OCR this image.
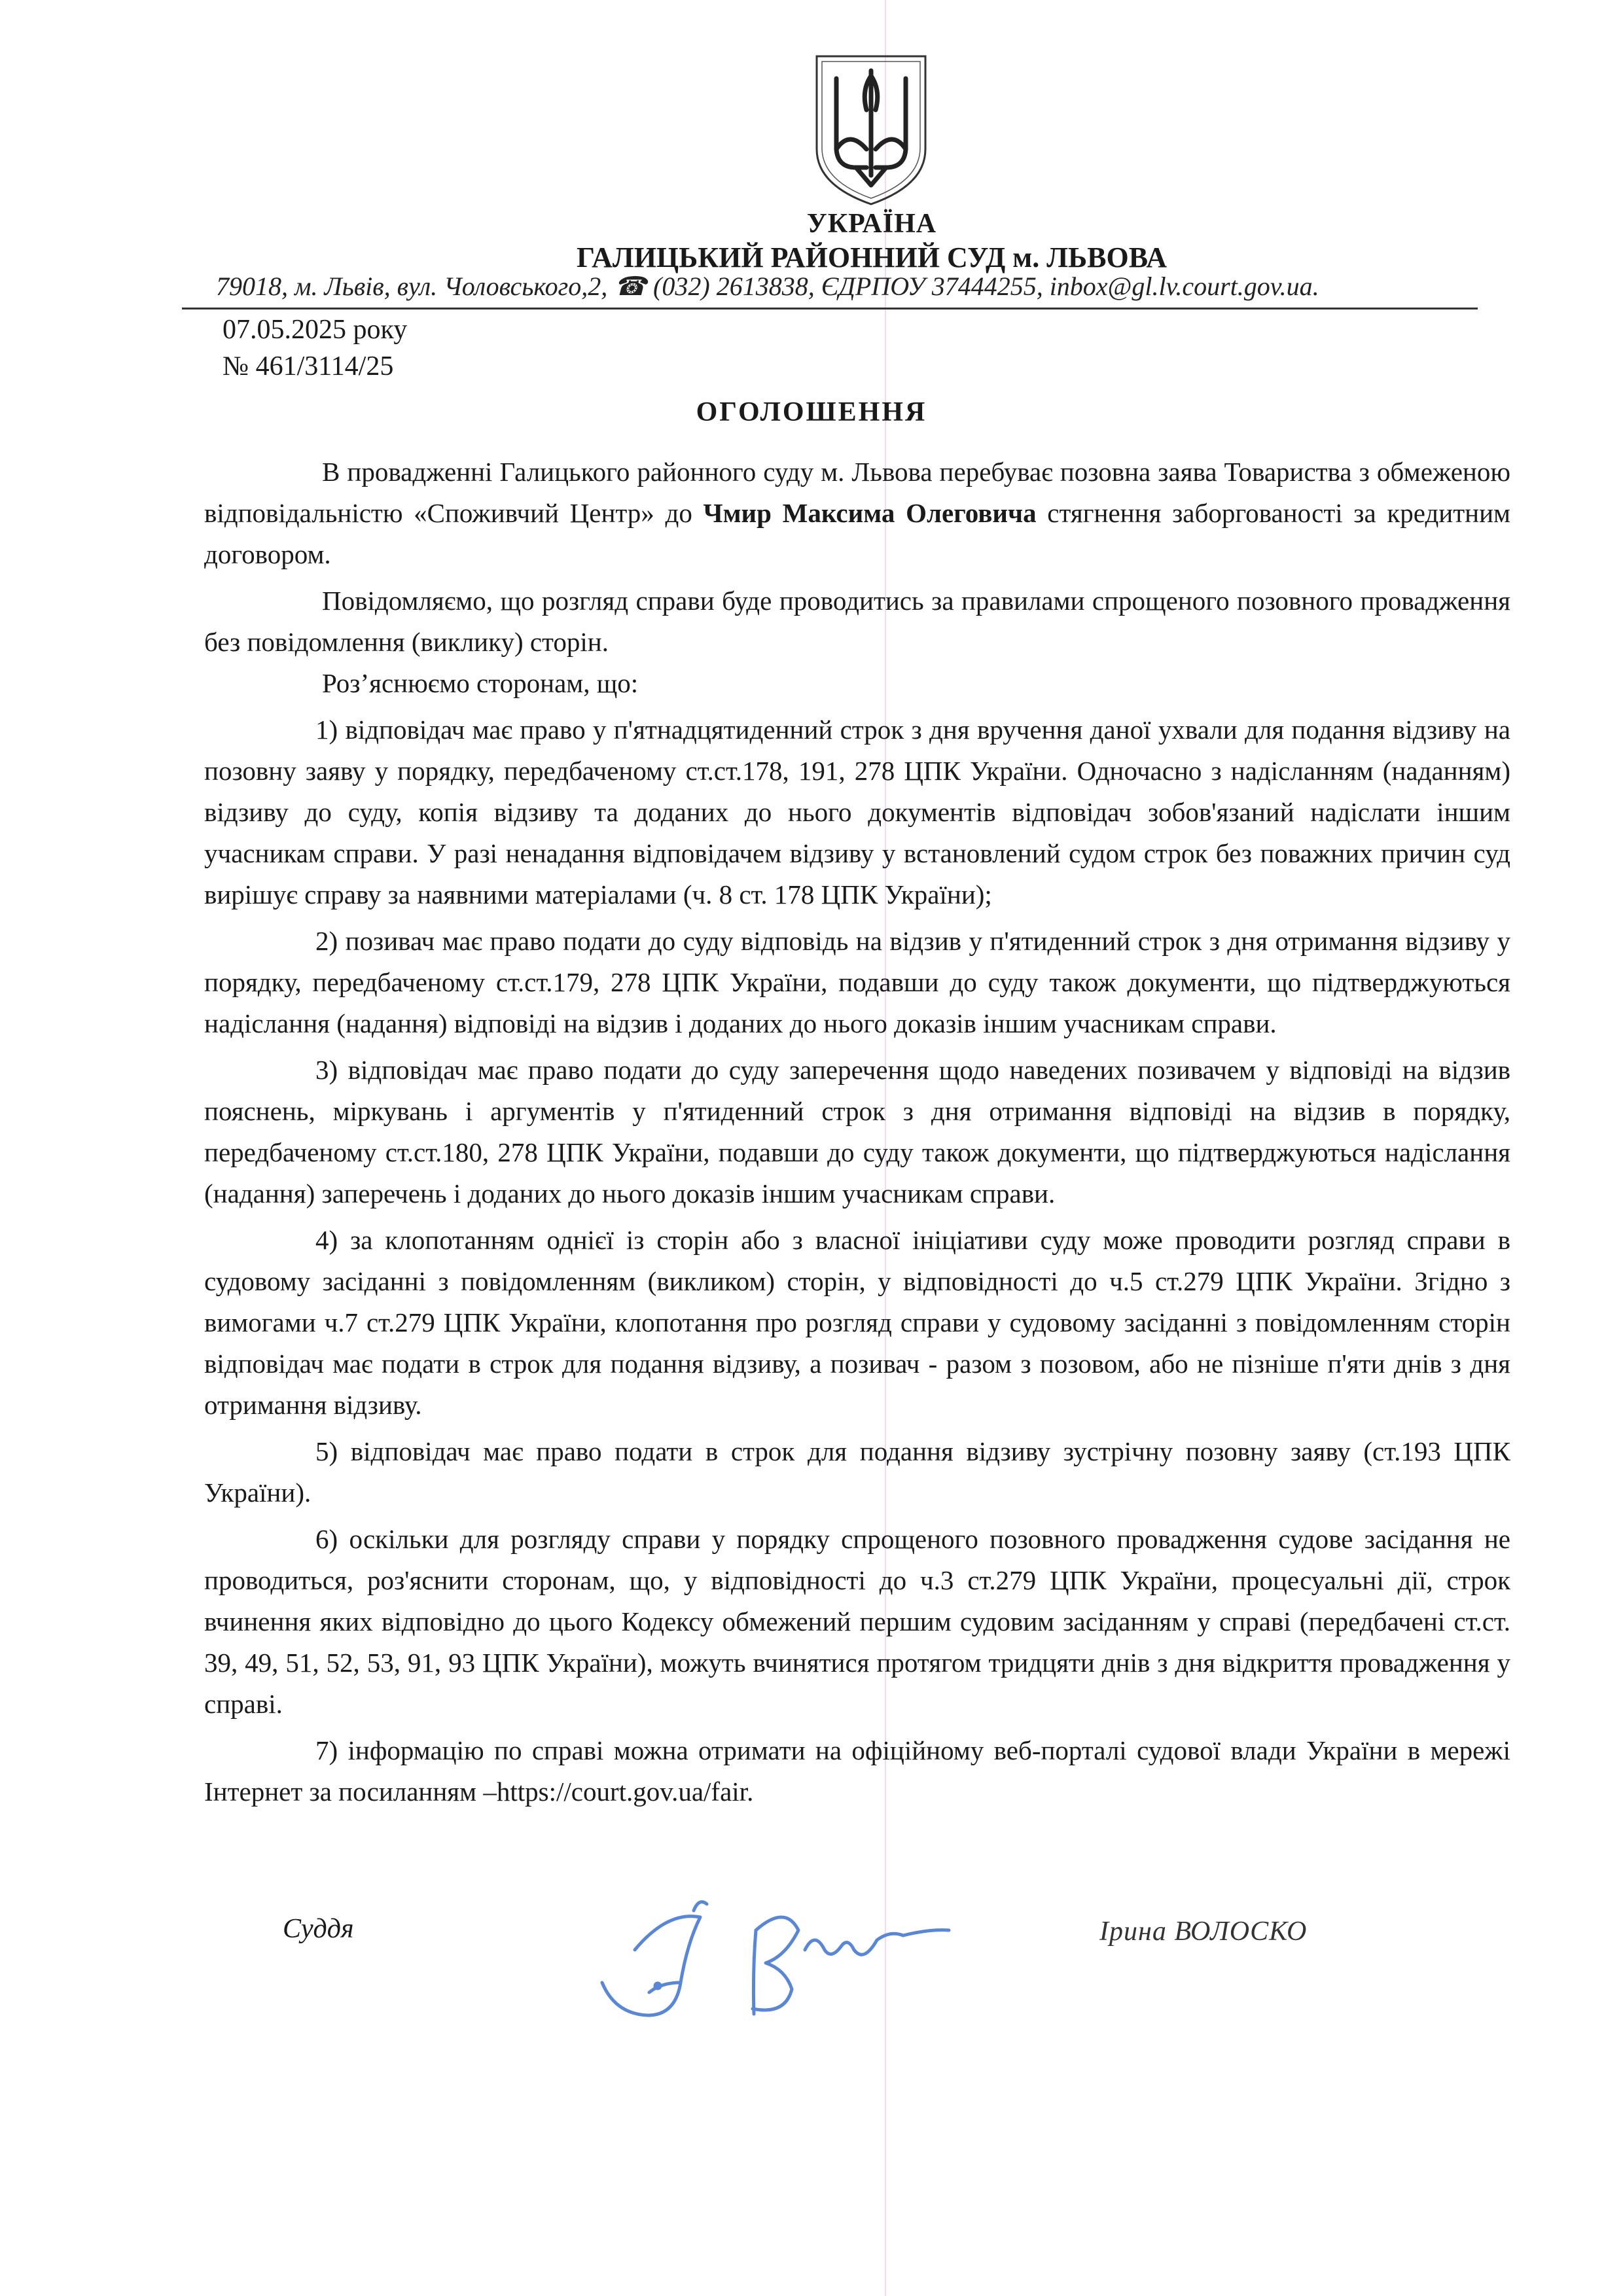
УКРАЇНА
ГАЛИЦЬКИЙ РАЙОННИЙ СУД м. ЛЬВОВА
79018, м. Львів, вул. Чоловського,2, ☎ (032) 2613838, ЄДРПОУ 37444255, inbox@gl.lv.court.gov.ua.
07.05.2025 року
№ 461/3114/25
ОГОЛОШЕННЯ

В провадженні Галицького районного суду м. Львова перебуває позовна заява Товариства з обмеженою відповідальністю «Споживчий Центр» до Чмир Максима Олеговича стягнення заборгованості за кредитним договором.

Повідомляємо, що розгляд справи буде проводитись за правилами спрощеного позовного провадження без повідомлення (виклику) сторін.

Роз’яснюємо сторонам, що:

1) відповідач має право у п'ятнадцятиденний строк з дня вручення даної ухвали для подання відзиву на позовну заяву у порядку, передбаченому ст.ст.178, 191, 278 ЦПК України. Одночасно з надісланням (наданням) відзиву до суду, копія відзиву та доданих до нього документів відповідач зобов'язаний надіслати іншим учасникам справи. У разі ненадання відповідачем відзиву у встановлений судом строк без поважних причин суд вирішує справу за наявними матеріалами (ч. 8 ст. 178 ЦПК України);

2) позивач має право подати до суду відповідь на відзив у п'ятиденний строк з дня отримання відзиву у порядку, передбаченому ст.ст.179, 278 ЦПК України, подавши до суду також документи, що підтверджуються надіслання (надання) відповіді на відзив і доданих до нього доказів іншим учасникам справи.

3) відповідач має право подати до суду заперечення щодо наведених позивачем у відповіді на відзив пояснень, міркувань і аргументів у п'ятиденний строк з дня отримання відповіді на відзив в порядку, передбаченому ст.ст.180, 278 ЦПК України, подавши до суду також документи, що підтверджуються надіслання (надання) заперечень і доданих до нього доказів іншим учасникам справи.

4) за клопотанням однієї із сторін або з власної ініціативи суду може проводити розгляд справи в судовому засіданні з повідомленням (викликом) сторін, у відповідності до ч.5 ст.279 ЦПК України. Згідно з вимогами ч.7 ст.279 ЦПК України, клопотання про розгляд справи у судовому засіданні з повідомленням сторін відповідач має подати в строк для подання відзиву, а позивач - разом з позовом, або не пізніше п'яти днів з дня отримання відзиву.

5) відповідач має право подати в строк для подання відзиву зустрічну позовну заяву (ст.193 ЦПК України).

6) оскільки для розгляду справи у порядку спрощеного позовного провадження судове засідання не проводиться, роз'яснити сторонам, що, у відповідності до ч.3 ст.279 ЦПК України, процесуальні дії, строк вчинення яких відповідно до цього Кодексу обмежений першим судовим засіданням у справі (передбачені ст.ст. 39, 49, 51, 52, 53, 91, 93 ЦПК України), можуть вчинятися протягом тридцяти днів з дня відкриття провадження у справі.

7) інформацію по справі можна отримати на офіційному веб-порталі судової влади України в мережі Інтернет за посиланням –https://court.gov.ua/fair.

Суддя	Ірина ВОЛОСКО
